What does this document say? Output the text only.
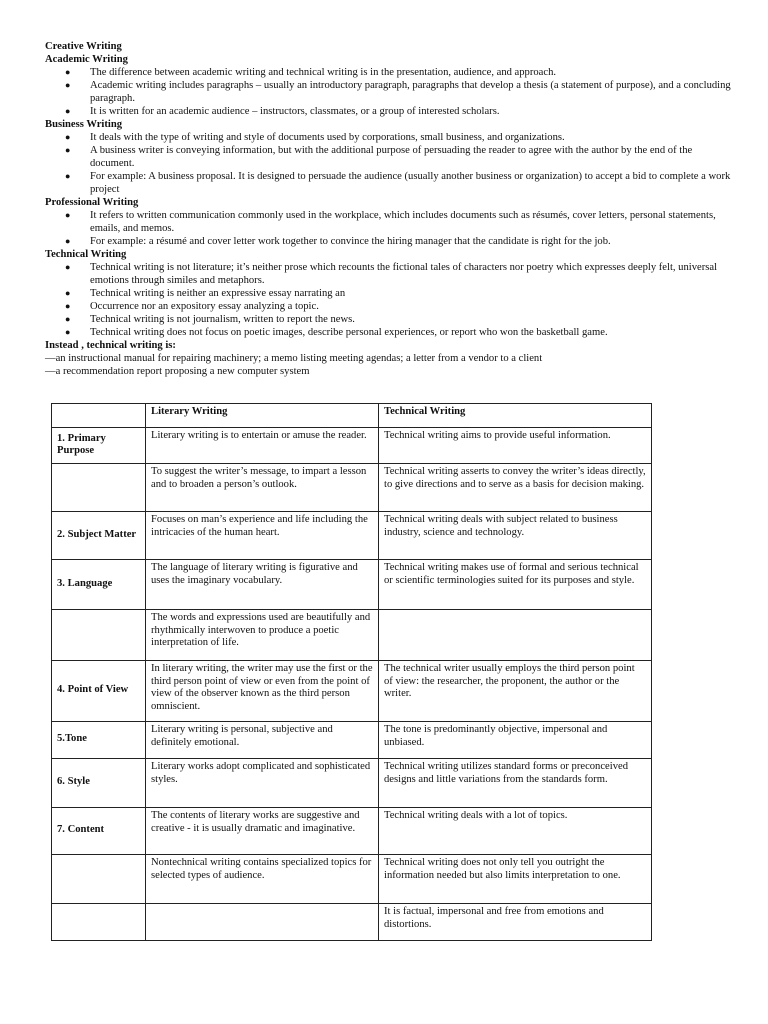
Creative Writing

Academic Writing

● The difference between academic writing and technical writing is in the presentation, audience, and approach.
● Academic writing includes paragraphs – usually an introductory paragraph, paragraphs that develop a thesis (a statement of purpose), and a concluding paragraph.
● It is written for an academic audience – instructors, classmates, or a group of interested scholars.

Business Writing

● It deals with the type of writing and style of documents used by corporations, small business, and organizations.
● A business writer is conveying information, but with the additional purpose of persuading the reader to agree with the author by the end of the document.
● For example: A business proposal. It is designed to persuade the audience (usually another business or organization) to accept a bid to complete a work project

Professional Writing

● It refers to written communication commonly used in the workplace, which includes documents such as résumés, cover letters, personal statements, emails, and memos.
● For example: a résumé and cover letter work together to convince the hiring manager that the candidate is right for the job.

Technical Writing

● Technical writing is not literature; it’s neither prose which recounts the fictional tales of characters nor poetry which expresses deeply felt, universal emotions through similes and metaphors.
● Technical writing is neither an expressive essay narrating an
● Occurrence nor an expository essay analyzing a topic.
● Technical writing is not journalism, written to report the news.
● Technical writing does not focus on poetic images, describe personal experiences, or report who won the basketball game.

Instead , technical writing is:

—an instructional manual for repairing machinery; a memo listing meeting agendas; a letter from a vendor to a client

—a recommendation report proposing a new computer system

	Literary Writing	Technical Writing
1. Primary Purpose	Literary writing is to entertain or amuse the reader.	Technical writing aims to provide useful information.
	To suggest the writer’s message, to impart a lesson and to broaden a person’s outlook.	Technical writing asserts to convey the writer’s ideas directly, to give directions and to serve as a basis for decision making.
2. Subject Matter	Focuses on man’s experience and life including the intricacies of the human heart.	Technical writing deals with subject related to business industry, science and technology.
3. Language	The language of literary writing is figurative and uses the imaginary vocabulary.	Technical writing makes use of formal and serious technical or scientific terminologies suited for its purposes and style.
	The words and expressions used are beautifully and rhythmically interwoven to produce a poetic interpretation of life.	
4. Point of View	In literary writing, the writer may use the first or the third person point of view or even from the point of view of the observer known as the third person omniscient.	The technical writer usually employs the third person point of view: the researcher, the proponent, the author or the writer.
5.Tone	Literary writing is personal, subjective and definitely emotional.	The tone is predominantly objective, impersonal and unbiased.
6. Style	Literary works adopt complicated and sophisticated styles.	Technical writing utilizes standard forms or preconceived designs and little variations from the standards form.
7. Content	The contents of literary works are suggestive and creative - it is usually dramatic and imaginative.	Technical writing deals with a lot of topics.
	Nontechnical writing contains specialized topics for selected types of audience.	Technical writing does not only tell you outright the information needed but also limits interpretation to one.
		It is factual, impersonal and free from emotions and distortions.
